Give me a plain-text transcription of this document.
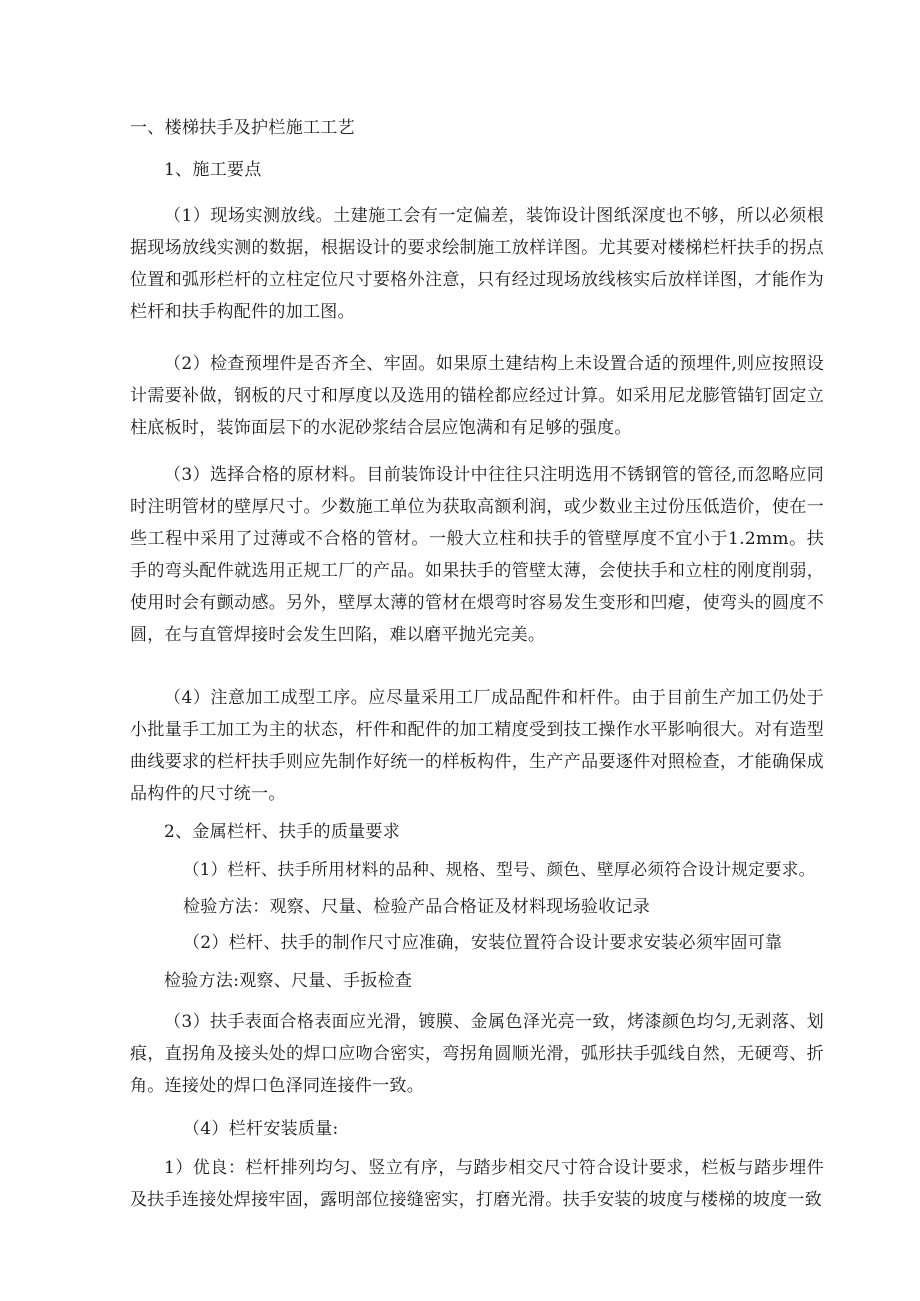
一、楼梯扶手及护栏施工工艺
1、施工要点
（1）现场实测放线。土建施工会有一定偏差，装饰设计图纸深度也不够，所以必须根据现场放线实测的数据，根据设计的要求绘制施工放样详图。尤其要对楼梯栏杆扶手的拐点位置和弧形栏杆的立柱定位尺寸要格外注意，只有经过现场放线核实后放样详图，才能作为栏杆和扶手构配件的加工图。
（2）检查预埋件是否齐全、牢固。如果原土建结构上未设置合适的预埋件,则应按照设计需要补做，钢板的尺寸和厚度以及选用的锚栓都应经过计算。如采用尼龙膨管锚钉固定立柱底板时，装饰面层下的水泥砂浆结合层应饱满和有足够的强度。
（3）选择合格的原材料。目前装饰设计中往往只注明选用不锈钢管的管径,而忽略应同时注明管材的壁厚尺寸。少数施工单位为获取高额利润，或少数业主过份压低造价，使在一些工程中采用了过薄或不合格的管材。一般大立柱和扶手的管壁厚度不宜小于1.2mm。扶手的弯头配件就选用正规工厂的产品。如果扶手的管壁太薄，会使扶手和立柱的刚度削弱，使用时会有颤动感。另外，壁厚太薄的管材在煨弯时容易发生变形和凹瘪，使弯头的圆度不圆，在与直管焊接时会发生凹陷，难以磨平抛光完美。
（4）注意加工成型工序。应尽量采用工厂成品配件和杆件。由于目前生产加工仍处于小批量手工加工为主的状态，杆件和配件的加工精度受到技工操作水平影响很大。对有造型曲线要求的栏杆扶手则应先制作好统一的样板构件，生产产品要逐件对照检查，才能确保成品构件的尺寸统一。
2、金属栏杆、扶手的质量要求
（1）栏杆、扶手所用材料的品种、规格、型号、颜色、壁厚必须符合设计规定要求。
检验方法：观察、尺量、检验产品合格证及材料现场验收记录
（2）栏杆、扶手的制作尺寸应准确，安装位置符合设计要求安装必须牢固可靠
检验方法:观察、尺量、手扳检查
（3）扶手表面合格表面应光滑，镀膜、金属色泽光亮一致，烤漆颜色均匀,无剥落、划痕，直拐角及接头处的焊口应吻合密实，弯拐角圆顺光滑，弧形扶手弧线自然，无硬弯、折角。连接处的焊口色泽同连接件一致。
（4）栏杆安装质量:
1）优良：栏杆排列均匀、竖立有序，与踏步相交尺寸符合设计要求，栏板与踏步埋件及扶手连接处焊接牢固，露明部位接缝密实，打磨光滑。扶手安装的坡度与楼梯的坡度一致
